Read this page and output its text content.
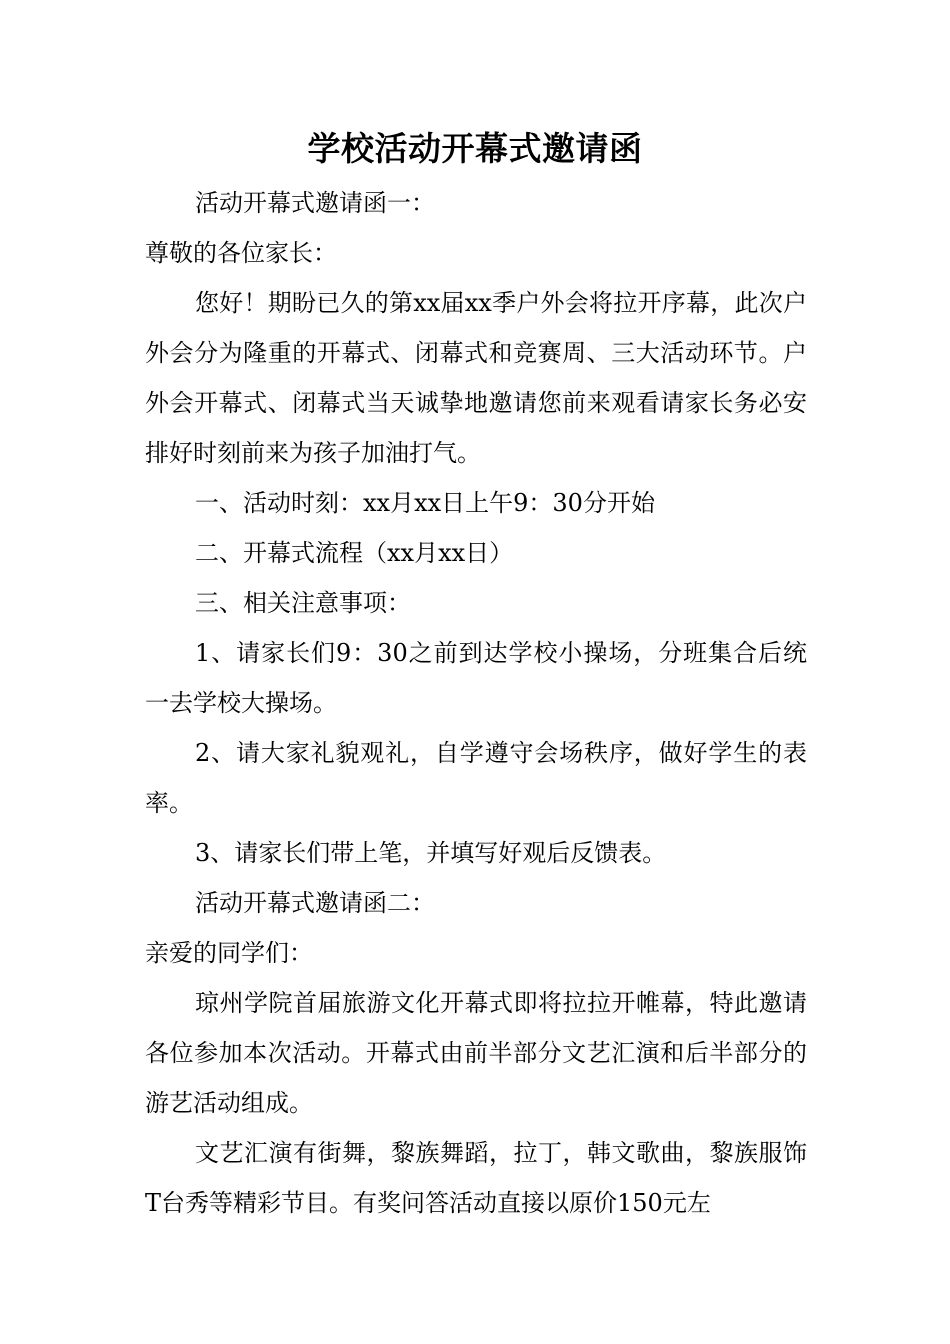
学校活动开幕式邀请函

活动开幕式邀请函一：

尊敬的各位家长：

您好！期盼已久的第xx届xx季户外会将拉开序幕，此次户外会分为隆重的开幕式、闭幕式和竞赛周、三大活动环节。户外会开幕式、闭幕式当天诚挚地邀请您前来观看请家长务必安排好时刻前来为孩子加油打气。

一、活动时刻：xx月xx日上午9：30分开始

二、开幕式流程（xx月xx日）

三、相关注意事项：

1、请家长们9：30之前到达学校小操场，分班集合后统一去学校大操场。

2、请大家礼貌观礼，自学遵守会场秩序，做好学生的表率。

3、请家长们带上笔，并填写好观后反馈表。

活动开幕式邀请函二：

亲爱的同学们：

琼州学院首届旅游文化开幕式即将拉拉开帷幕，特此邀请各位参加本次活动。开幕式由前半部分文艺汇演和后半部分的游艺活动组成。

文艺汇演有街舞，黎族舞蹈，拉丁，韩文歌曲，黎族服饰T台秀等精彩节目。有奖问答活动直接以原价150元左
